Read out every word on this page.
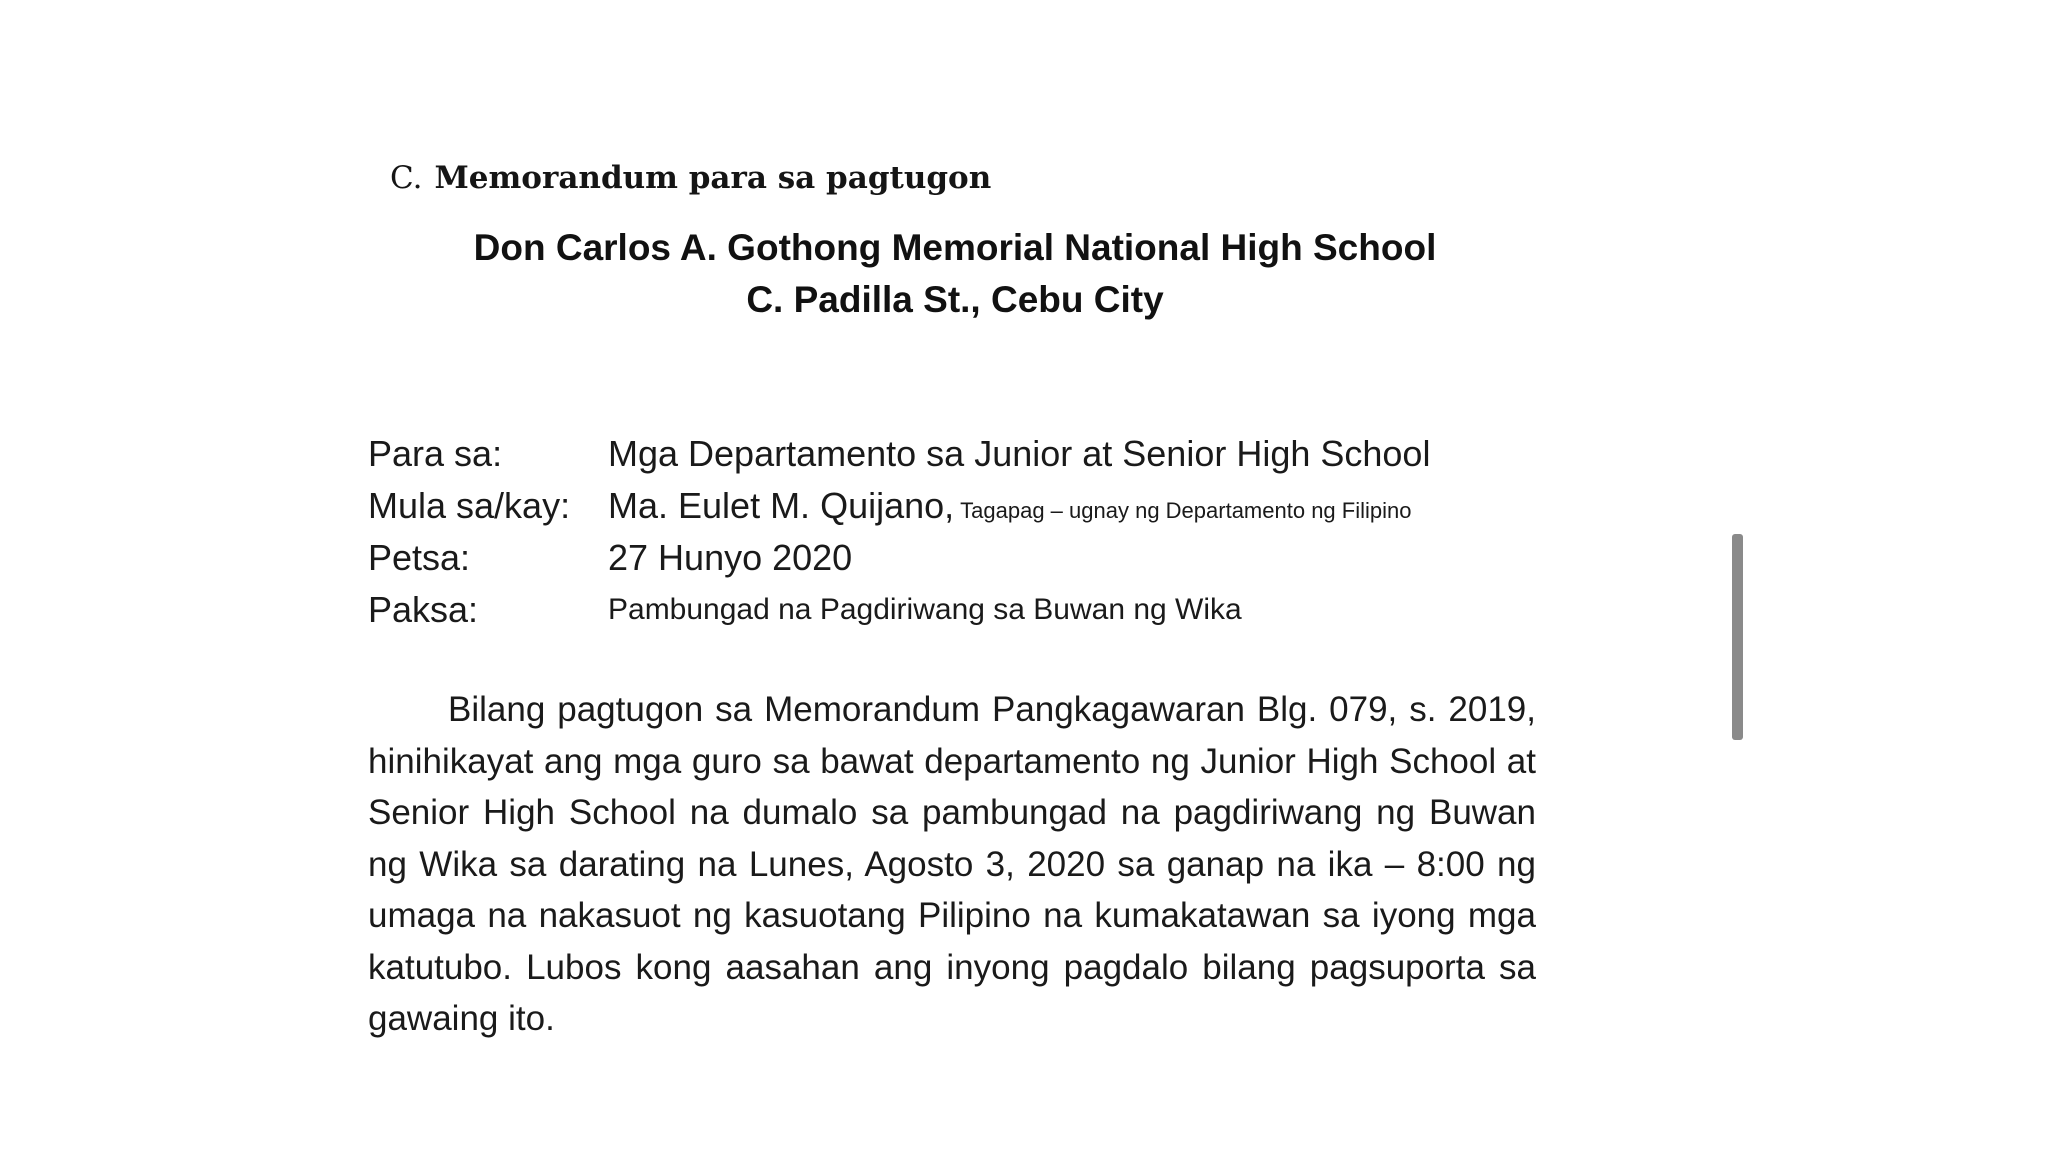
C. Memorandum para sa pagtugon
Don Carlos A. Gothong Memorial National High School
C. Padilla St., Cebu City
Para sa:	Mga Departamento sa Junior at Senior High School
Mula sa/kay: Ma. Eulet M. Quijano, Tagapag – ugnay ng Departamento ng Filipino
Petsa:	27 Hunyo 2020
Paksa:	Pambungad na Pagdiriwang sa Buwan ng Wika

Bilang pagtugon sa Memorandum Pangkagawaran Blg. 079, s. 2019, hinihikayat ang mga guro sa bawat departamento ng Junior High School at Senior High School na dumalo sa pambungad na pagdiriwang ng Buwan ng Wika sa darating na Lunes, Agosto 3, 2020 sa ganap na ika – 8:00 ng umaga na nakasuot ng kasuotang Pilipino na kumakatawan sa iyong mga katutubo. Lubos kong aasahan ang inyong pagdalo bilang pagsuporta sa gawaing ito.
